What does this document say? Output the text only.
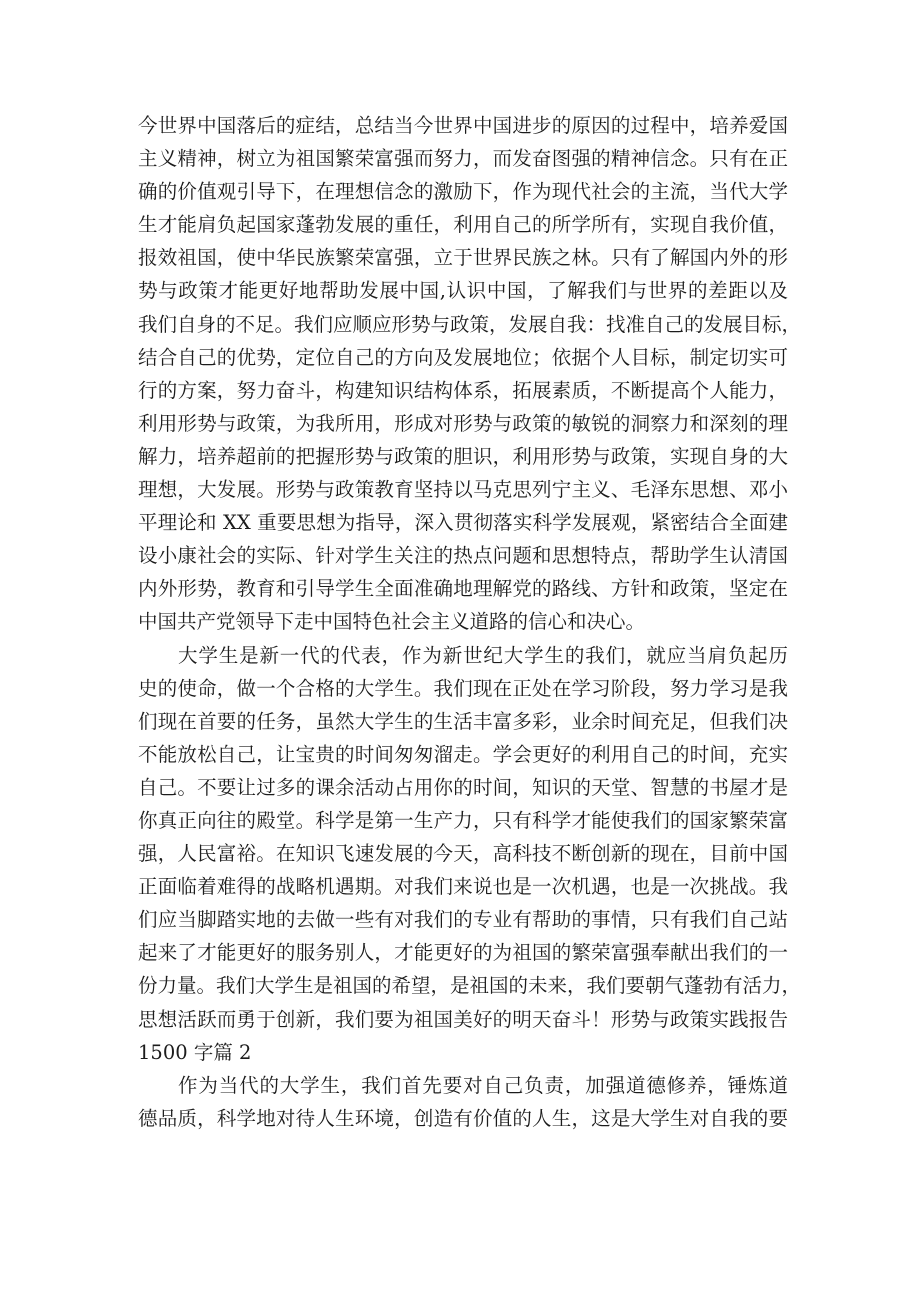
今世界中国落后的症结，总结当今世界中国进步的原因的过程中，培养爱国
主义精神，树立为祖国繁荣富强而努力，而发奋图强的精神信念。只有在正
确的价值观引导下，在理想信念的激励下，作为现代社会的主流，当代大学
生才能肩负起国家蓬勃发展的重任，利用自己的所学所有，实现自我价值，
报效祖国，使中华民族繁荣富强，立于世界民族之林。只有了解国内外的形
势与政策才能更好地帮助发展中国,认识中国，了解我们与世界的差距以及
我们自身的不足。我们应顺应形势与政策，发展自我：找准自己的发展目标，
结合自己的优势，定位自己的方向及发展地位；依据个人目标，制定切实可
行的方案，努力奋斗，构建知识结构体系，拓展素质，不断提高个人能力，
利用形势与政策，为我所用，形成对形势与政策的敏锐的洞察力和深刻的理
解力，培养超前的把握形势与政策的胆识，利用形势与政策，实现自身的大
理想，大发展。形势与政策教育坚持以马克思列宁主义、毛泽东思想、邓小
平理论和 XX 重要思想为指导，深入贯彻落实科学发展观，紧密结合全面建
设小康社会的实际、针对学生关注的热点问题和思想特点，帮助学生认清国
内外形势，教育和引导学生全面准确地理解党的路线、方针和政策，坚定在
中国共产党领导下走中国特色社会主义道路的信心和决心。
大学生是新一代的代表，作为新世纪大学生的我们，就应当肩负起历
史的使命，做一个合格的大学生。我们现在正处在学习阶段，努力学习是我
们现在首要的任务，虽然大学生的生活丰富多彩，业余时间充足，但我们决
不能放松自己，让宝贵的时间匆匆溜走。学会更好的利用自己的时间，充实
自己。不要让过多的课余活动占用你的时间，知识的天堂、智慧的书屋才是
你真正向往的殿堂。科学是第一生产力，只有科学才能使我们的国家繁荣富
强，人民富裕。在知识飞速发展的今天，高科技不断创新的现在，目前中国
正面临着难得的战略机遇期。对我们来说也是一次机遇，也是一次挑战。我
们应当脚踏实地的去做一些有对我们的专业有帮助的事情，只有我们自己站
起来了才能更好的服务别人，才能更好的为祖国的繁荣富强奉献出我们的一
份力量。我们大学生是祖国的希望，是祖国的未来，我们要朝气蓬勃有活力，
思想活跃而勇于创新，我们要为祖国美好的明天奋斗！形势与政策实践报告
1500 字篇 2
作为当代的大学生，我们首先要对自己负责，加强道德修养，锤炼道
德品质，科学地对待人生环境，创造有价值的人生，这是大学生对自我的要
